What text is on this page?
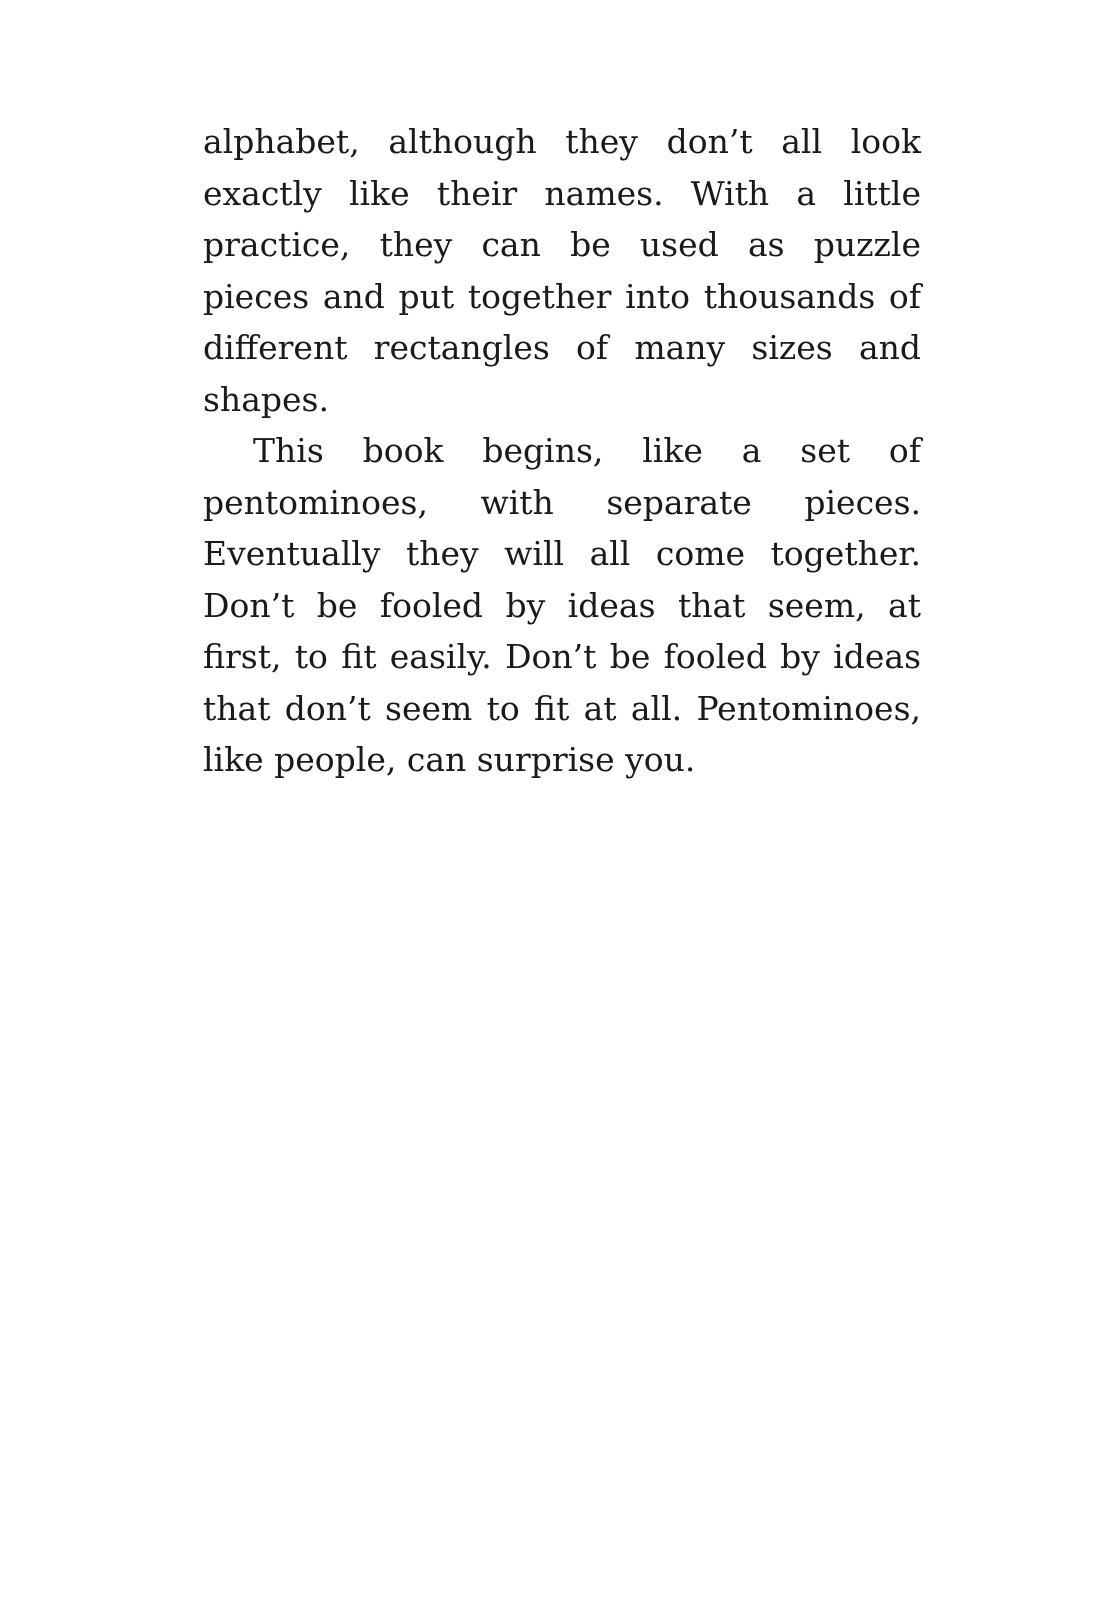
alphabet, although they don’t all look exactly like their names. With a little practice, they can be used as puzzle pieces and put together into thousands of different rectangles of many sizes and shapes.

This book begins, like a set of pentominoes, with separate pieces. Eventually they will all come together. Don’t be fooled by ideas that seem, at first, to fit easily. Don’t be fooled by ideas that don’t seem to fit at all. Pentominoes, like people, can surprise you.
